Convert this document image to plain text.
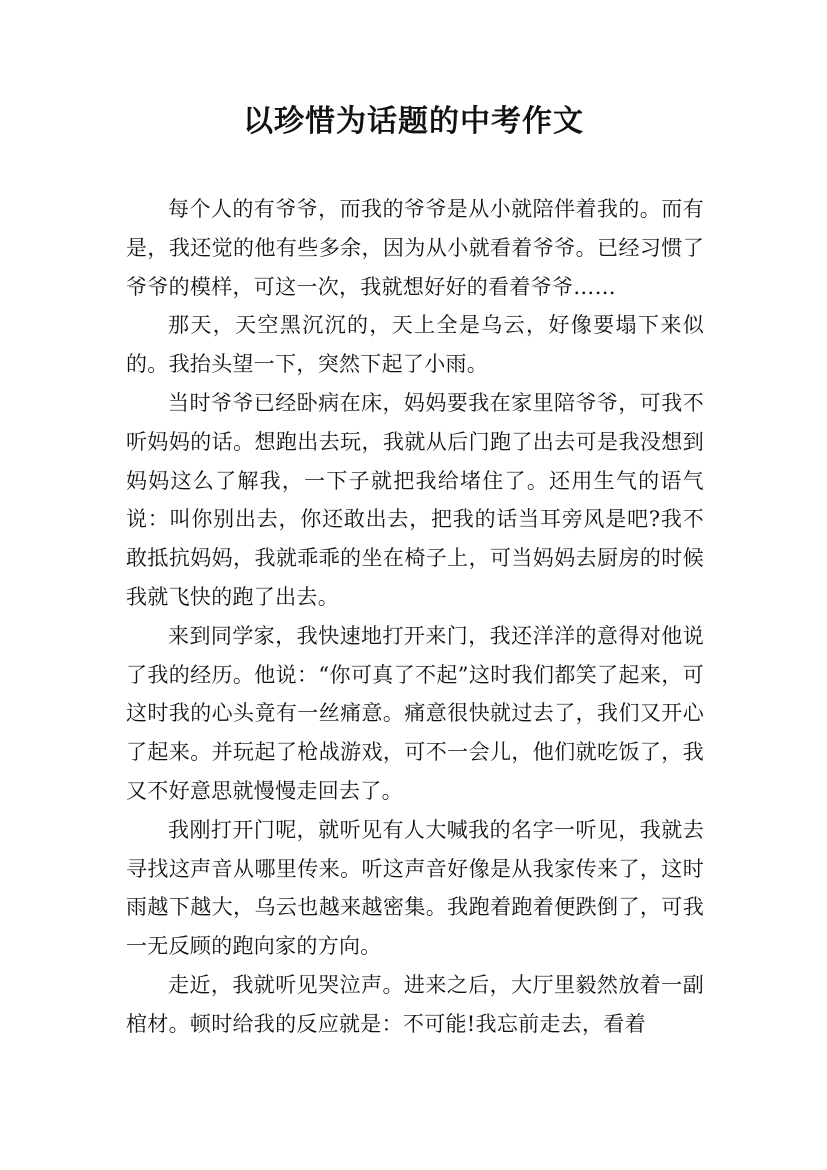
以珍惜为话题的中考作文

每个人的有爷爷，而我的爷爷是从小就陪伴着我的。而有是，我还觉的他有些多余，因为从小就看着爷爷。已经习惯了爷爷的模样，可这一次，我就想好好的看着爷爷……

那天，天空黑沉沉的，天上全是乌云，好像要塌下来似的。我抬头望一下，突然下起了小雨。

当时爷爷已经卧病在床，妈妈要我在家里陪爷爷，可我不听妈妈的话。想跑出去玩，我就从后门跑了出去可是我没想到妈妈这么了解我，一下子就把我给堵住了。还用生气的语气说：叫你别出去，你还敢出去，把我的话当耳旁风是吧?我不敢抵抗妈妈，我就乖乖的坐在椅子上，可当妈妈去厨房的时候我就飞快的跑了出去。

来到同学家，我快速地打开来门，我还洋洋的意得对他说了我的经历。他说：“你可真了不起”这时我们都笑了起来，可这时我的心头竟有一丝痛意。痛意很快就过去了，我们又开心了起来。并玩起了枪战游戏，可不一会儿，他们就吃饭了，我又不好意思就慢慢走回去了。

我刚打开门呢，就听见有人大喊我的名字一听见，我就去寻找这声音从哪里传来。听这声音好像是从我家传来了，这时雨越下越大，乌云也越来越密集。我跑着跑着便跌倒了，可我一无反顾的跑向家的方向。

走近，我就听见哭泣声。进来之后，大厅里毅然放着一副棺材。顿时给我的反应就是：不可能!我忘前走去，看着
